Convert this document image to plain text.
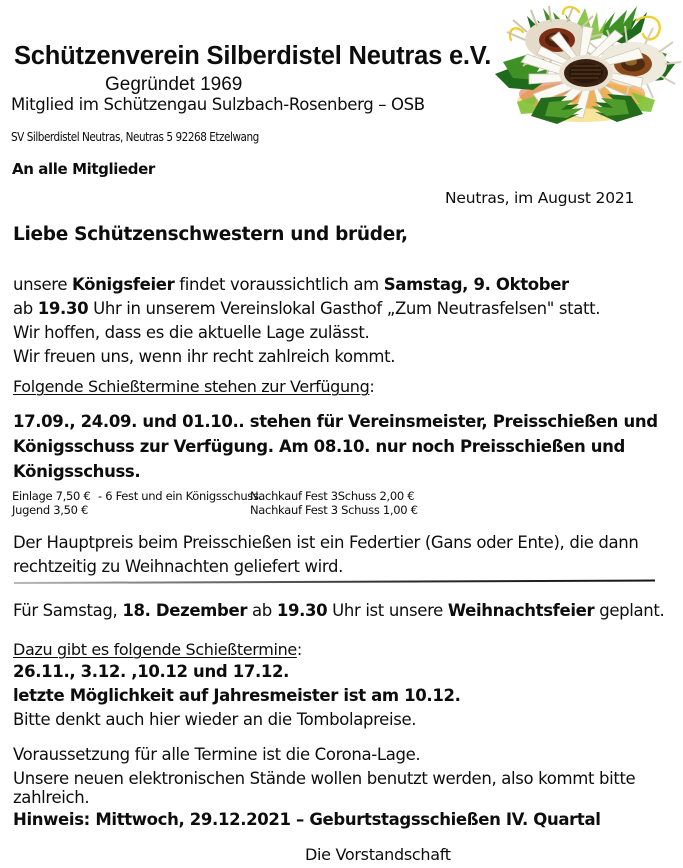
Schützenverein Silberdistel Neutras e.V.
Gegründet 1969
Mitglied im Schützengau Sulzbach-Rosenberg – OSB
SV Silberdistel Neutras, Neutras 5 92268 Etzelwang
An alle Mitglieder
Neutras, im August 2021
Liebe Schützenschwestern und brüder,
unsere Königsfeier findet voraussichtlich am Samstag, 9. Oktober
ab 19.30 Uhr in unserem Vereinslokal Gasthof „Zum Neutrasfelsen" statt.
Wir hoffen, dass es die aktuelle Lage zulässt.
Wir freuen uns, wenn ihr recht zahlreich kommt.
Folgende Schießtermine stehen zur Verfügung:
17.09., 24.09. und 01.10.. stehen für Vereinsmeister, Preisschießen und
Königsschuss zur Verfügung. Am 08.10. nur noch Preisschießen und
Königsschuss.
Einlage 7,50 € - 6 Fest und ein Königsschuss.
Nachkauf Fest 3Schuss 2,00 €
Jugend 3,50 €	Nachkauf Fest 3 Schuss 1,00 €
Der Hauptpreis beim Preisschießen ist ein Federtier (Gans oder Ente), die dann
rechtzeitig zu Weihnachten geliefert wird.
Für Samstag, 18. Dezember ab 19.30 Uhr ist unsere Weihnachtsfeier geplant.
Dazu gibt es folgende Schießtermine:
26.11., 3.12. ,10.12 und 17.12.
letzte Möglichkeit auf Jahresmeister ist am 10.12.
Bitte denkt auch hier wieder an die Tombolapreise.
Voraussetzung für alle Termine ist die Corona-Lage.
Unsere neuen elektronischen Stände wollen benutzt werden, also kommt bitte
zahlreich.
Hinweis: Mittwoch, 29.12.2021 – Geburtstagsschießen IV. Quartal
Die Vorstandschaft
